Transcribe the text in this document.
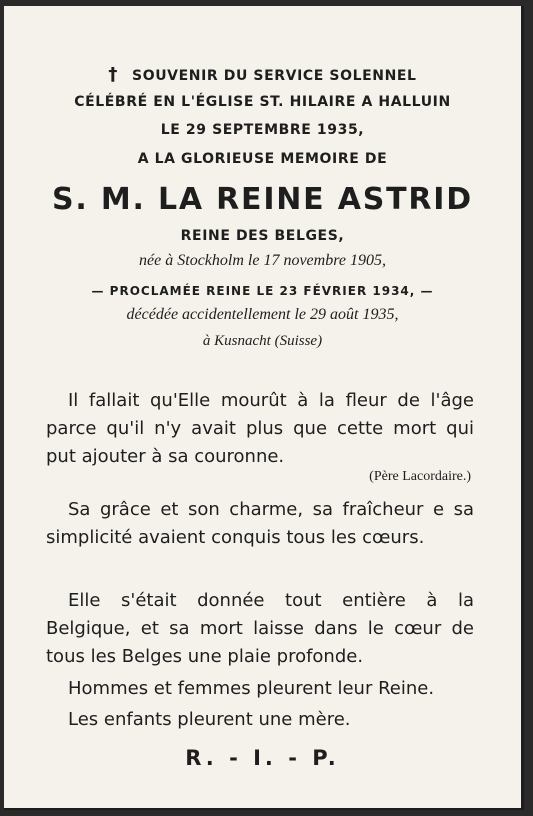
† SOUVENIR DU SERVICE SOLENNEL
CÉLÉBRÉ EN L'ÉGLISE ST. HILAIRE A HALLUIN
LE 29 SEPTEMBRE 1935,
A LA GLORIEUSE MEMOIRE DE
S. M. LA REINE ASTRID
REINE DES BELGES,
née à Stockholm le 17 novembre 1905,
— PROCLAMÉE REINE LE 23 FÉVRIER 1934, —
décédée accidentellement le 29 août 1935,
à Kusnacht (Suisse)
Il fallait qu'Elle mourût à la fleur de l'âge parce qu'il n'y avait plus que cette mort qui put ajouter à sa couronne.
(Père Lacordaire.)
Sa grâce et son charme, sa fraîcheur e sa simplicité avaient conquis tous les cœurs.
Elle s'était donnée tout entière à la Belgique, et sa mort laisse dans le cœur de tous les Belges une plaie profonde.
Hommes et femmes pleurent leur Reine.
Les enfants pleurent une mère.
R. - I. - P.
